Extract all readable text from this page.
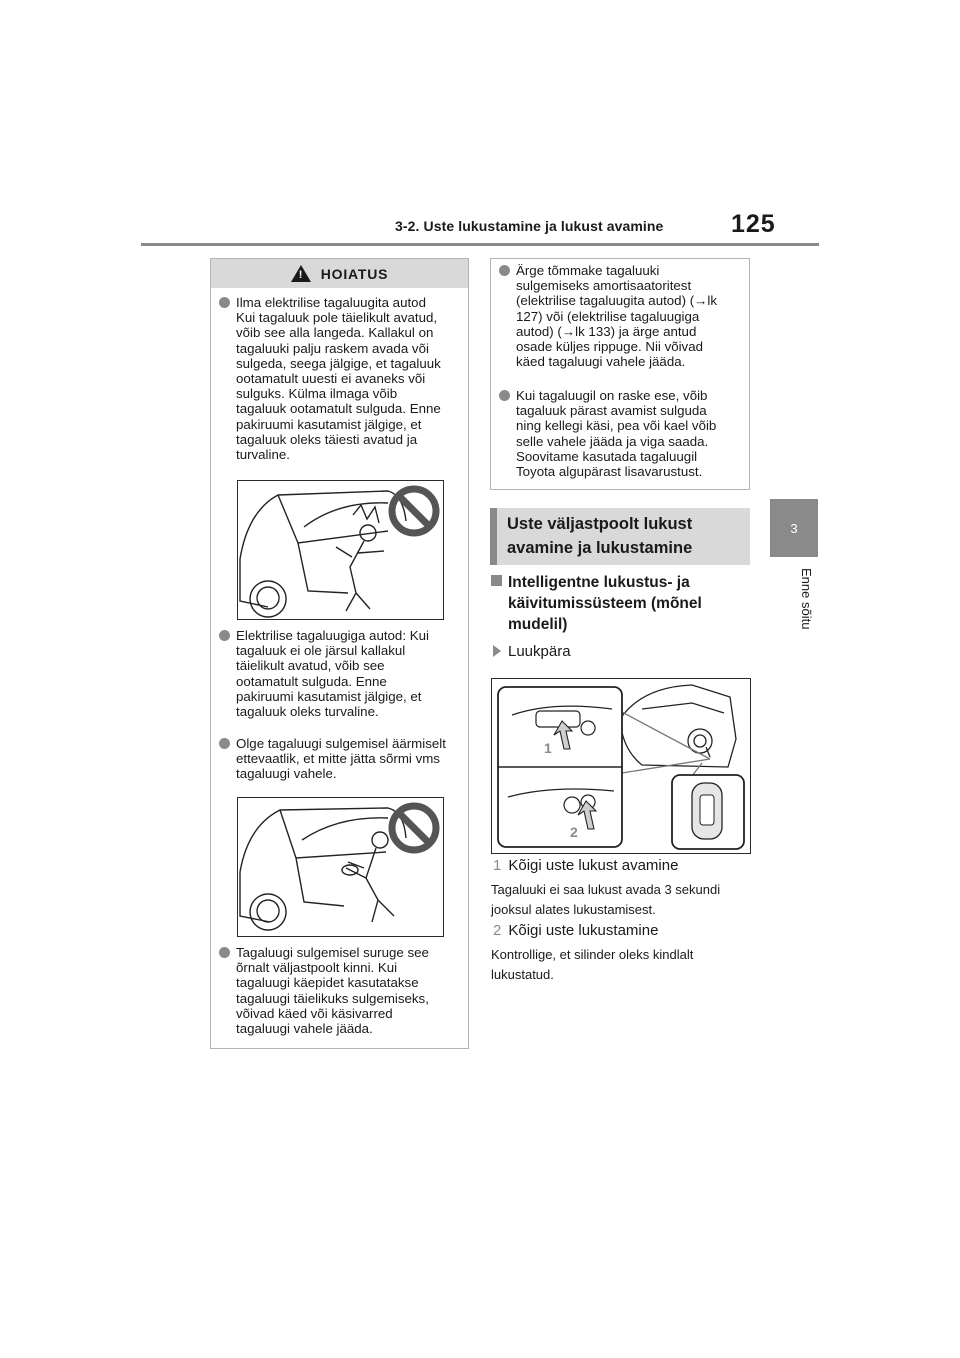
3-2. Uste lukustamine ja lukust avamine	125
3
Enne sõitu
! HOIATUS
Ilma elektrilise tagaluugita autod
Kui tagaluuk pole täielikult avatud,
võib see alla langeda. Kallakul on
tagaluuki palju raskem avada või
sulgeda, seega jälgige, et tagaluuk
ootamatult uuesti ei avaneks või
sulguks. Külma ilmaga võib
tagaluuk ootamatult sulguda. Enne
pakiruumi kasutamist jälgige, et
tagaluuk oleks täiesti avatud ja
turvaline.
Elektrilise tagaluugiga autod: Kui
tagaluuk ei ole järsul kallakul
täielikult avatud, võib see
ootamatult sulguda. Enne
pakiruumi kasutamist jälgige, et
tagaluuk oleks turvaline.
Olge tagaluugi sulgemisel äärmiselt
ettevaatlik, et mitte jätta sõrmi vms
tagaluugi vahele.
Tagaluugi sulgemisel suruge see
õrnalt väljastpoolt kinni. Kui
tagaluugi käepidet kasutatakse
tagaluugi täielikuks sulgemiseks,
võivad käed või käsivarred
tagaluugi vahele jääda.
Ärge tõmmake tagaluuki
sulgemiseks amortisaatoritest
(elektrilise tagaluugita autod) (→lk
127) või (elektrilise tagaluugiga
autod) (→lk 133) ja ärge antud
osade küljes rippuge. Nii võivad
käed tagaluugi vahele jääda.
Kui tagaluugil on raske ese, võib
tagaluuk pärast avamist sulguda
ning kellegi käsi, pea või kael võib
selle vahele jääda ja viga saada.
Soovitame kasutada tagaluugil
Toyota algupärast lisavarustust.
Uste väljastpoolt lukust
avamine ja lukustamine
Intelligentne lukustus- ja
käivitumissüsteem (mõnel
mudelil)
Luukpära
1
2
1 Kõigi uste lukust avamine
Tagaluuki ei saa lukust avada 3 sekundi
jooksul alates lukustamisest.
2 Kõigi uste lukustamine
Kontrollige, et silinder oleks kindlalt
lukustatud.
